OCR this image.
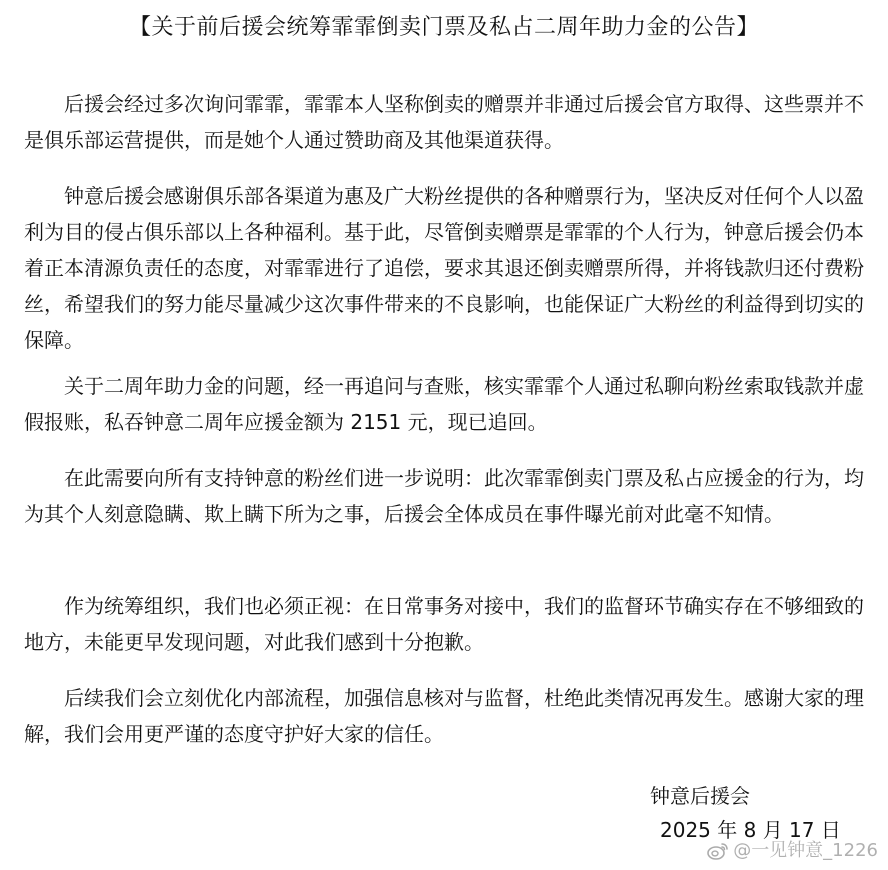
【关于前后援会统筹霏霏倒卖门票及私占二周年助力金的公告】

后援会经过多次询问霏霏，霏霏本人坚称倒卖的赠票并非通过后援会官方取得、这些票并不是俱乐部运营提供，而是她个人通过赞助商及其他渠道获得。

钟意后援会感谢俱乐部各渠道为惠及广大粉丝提供的各种赠票行为，坚决反对任何个人以盈利为目的侵占俱乐部以上各种福利。基于此，尽管倒卖赠票是霏霏的个人行为，钟意后援会仍本着正本清源负责任的态度，对霏霏进行了追偿，要求其退还倒卖赠票所得，并将钱款归还付费粉丝，希望我们的努力能尽量减少这次事件带来的不良影响，也能保证广大粉丝的利益得到切实的保障。

关于二周年助力金的问题，经一再追问与查账，核实霏霏个人通过私聊向粉丝索取钱款并虚假报账，私吞钟意二周年应援金额为 2151 元，现已追回。

在此需要向所有支持钟意的粉丝们进一步说明：此次霏霏倒卖门票及私占应援金的行为，均为其个人刻意隐瞒、欺上瞒下所为之事，后援会全体成员在事件曝光前对此毫不知情。

作为统筹组织，我们也必须正视：在日常事务对接中，我们的监督环节确实存在不够细致的地方，未能更早发现问题，对此我们感到十分抱歉。

后续我们会立刻优化内部流程，加强信息核对与监督，杜绝此类情况再发生。感谢大家的理解，我们会用更严谨的态度守护好大家的信任。

钟意后援会
2025 年 8 月 17 日
@一见钟意_1226
